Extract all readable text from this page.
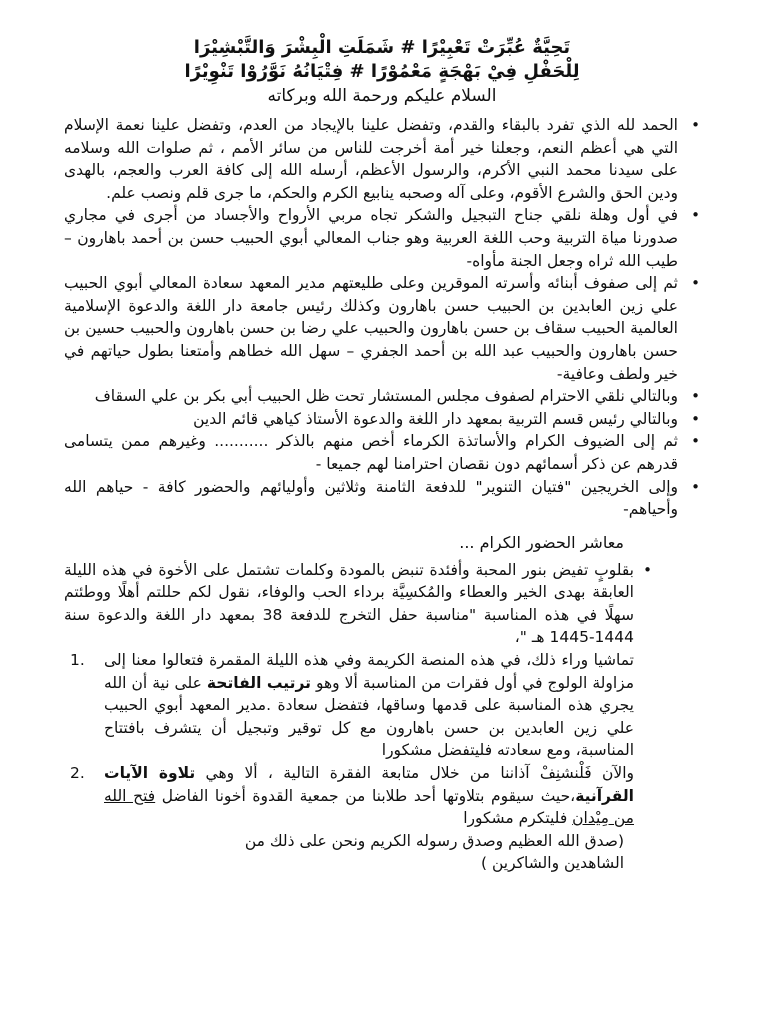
تَحِيَّةٌ عُبِّرَتْ تَعْبِيْرًا # شَمَلَتِ الْبِشْرَ وَالتَّبْشِيْرَا

لِلْحَفْلِ فِيْ بَهْجَةٍ مَعْمُوْرًا # فِتْيَانُهُ نَوَّرُوْا تَنْوِيْرًا

السلام عليكم ورحمة الله وبركاته

• الحمد لله الذي تفرد بالبقاء والقدم، وتفضل علينا بالإيجاد من العدم، وتفضل علينا نعمة الإسلام التي هي أعظم النعم، وجعلنا خير أمة أخرجت للناس من سائر الأمم ، ثم صلوات الله وسلامه على سيدنا محمد النبي الأكرم، والرسول الأعظم، أرسله الله إلى كافة العرب والعجم، بالهدى ودين الحق والشرع الأقوم، وعلى آله وصحبه ينابيع الكرم والحكم، ما جرى قلم ونصب علم.
• في أول وهلة نلقي جناح التبجيل والشكر تجاه مربي الأرواح والأجساد من أجرى في مجاري صدورنا مياة التربية وحب اللغة العربية وهو جناب المعالي أبوي الحبيب حسن بن أحمد باهارون – طيب الله ثراه وجعل الجنة مأواه-
• ثم إلى صفوف أبنائه وأسرته الموقرين وعلى طليعتهم مدير المعهد سعادة المعالي أبوي الحبيب علي زين العابدين بن الحبيب حسن باهارون وكذلك رئيس جامعة دار اللغة والدعوة الإسلامية العالمية الحبيب سقاف بن حسن باهارون والحبيب علي رضا بن حسن باهارون والحبيب حسين بن حسن باهارون والحبيب عبد الله بن أحمد الجفري – سهل الله خطاهم وأمتعنا بطول حياتهم في خير ولطف وعافية-
• وبالتالي نلقي الاحترام لصفوف مجلس المستشار تحت ظل الحبيب أبي بكر بن علي السقاف
• وبالتالي رئيس قسم التربية بمعهد دار اللغة والدعوة الأستاذ كياهي قائم الدين
• ثم إلى الضيوف الكرام والأساتذة الكرماء أخص منهم بالذكر ........... وغيرهم ممن يتسامى قدرهم عن ذكر أسمائهم دون نقصان احترامنا لهم جميعا -
• وإلى الخريجين "فتيان التنوير" للدفعة الثامنة وثلاثين وأوليائهم والحضور كافة - حياهم الله وأحياهم-

معاشر الحضور الكرام ...

• بقلوبٍ تفيض بنور المحبة وأفئدة تنبض بالمودة وكلمات تشتمل على الأخوة في هذه الليلة العابقة بهدى الخير والعطاء والمُكسِيَّة برداء الحب والوفاء، نقول لكم حللتم أهلًا ووطئتم سهلًا في هذه المناسبة "مناسبة حفل التخرج للدفعة 38 بمعهد دار اللغة والدعوة سنة 1444-1445 هـ "،
1. تماشيا وراء ذلك، في هذه المنصة الكريمة وفي هذه الليلة المقمرة فتعالوا معنا إلى مزاولة الولوج في أول فقرات من المناسبة ألا وهو ترتيب الفاتحة على نية أن الله يجري هذه المناسبة على قدمها وساقها، فتفضل سعادة .مدير المعهد أبوي الحبيب علي زين العابدين بن حسن باهارون مع كل توقير وتبجيل أن يتشرف بافتتاح المناسبة، ومع سعادته فليتفضل مشكورا
2.	والآن فَلْنشنِفْ آذاننا من خلال متابعة الفقرة التالية ، ألا وهي تلاوة الآيات القرآنية،حيث سيقوم بتلاوتها أحد طلابنا من جمعية القدوة أخونا الفاضل فتح الله من مِيْدان فليتكرم مشكورا

(صدق الله العظيم وصدق رسوله الكريم ونحن على ذلك من الشاهدين والشاكرين )
